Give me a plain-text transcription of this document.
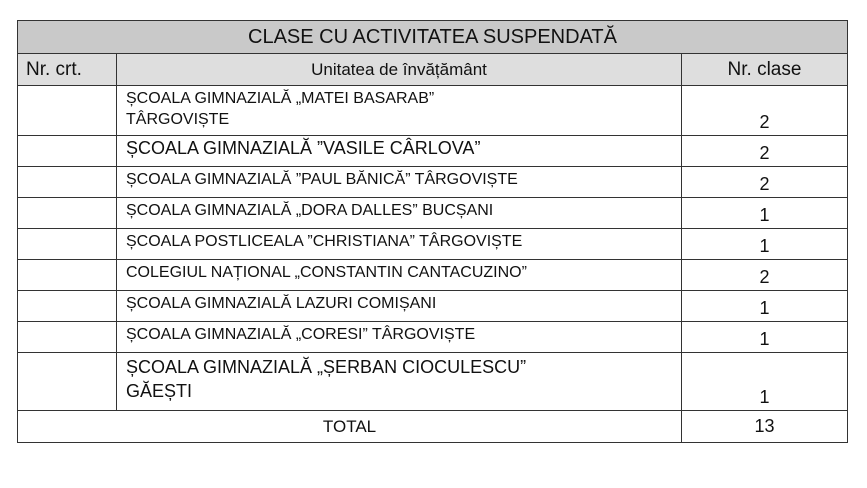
CLASE CU ACTIVITATEA SUSPENDATĂ		
Nr. crt.	Unitatea de învățământ	Nr. clase
	ȘCOALA GIMNAZIALĂ „MATEI BASARAB”
TÂRGOVIȘTE	2
	ȘCOALA GIMNAZIALĂ ”VASILE CÂRLOVA”	2
	ȘCOALA GIMNAZIALĂ ”PAUL BĂNICĂ” TÂRGOVIȘTE	2
	ȘCOALA GIMNAZIALĂ „DORA DALLES” BUCȘANI	1
	ȘCOALA POSTLICEALA ”CHRISTIANA” TÂRGOVIȘTE	1
	COLEGIUL NAȚIONAL „CONSTANTIN CANTACUZINO”	2
	ȘCOALA GIMNAZIALĂ LAZURI COMIȘANI	1
	ȘCOALA GIMNAZIALĂ „CORESI” TÂRGOVIȘTE	1
	ȘCOALA GIMNAZIALĂ „ȘERBAN CIOCULESCU”
GĂEȘTI	1
TOTAL		13
